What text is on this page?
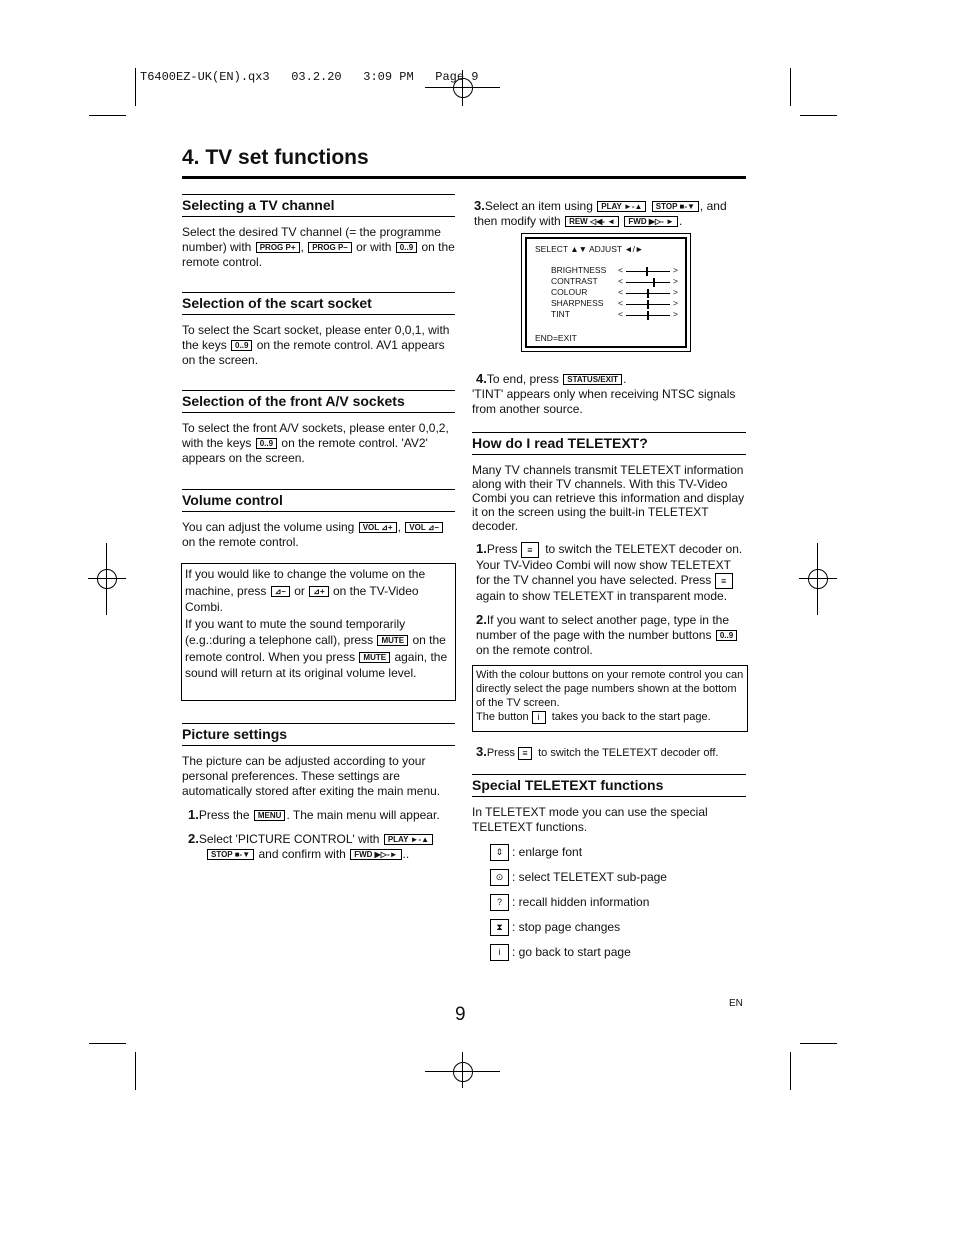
T6400EZ-UK(EN).qx3   03.2.20   3:09 PM   Page 9
4. TV set functions
Selecting a TV channel

Select the desired TV channel (= the programme number) with PROG P+ , PROG P– or with 0..9 on the remote control.

Selection of the scart socket

To select the Scart socket, please enter 0,0,1, with the keys 0..9 on the remote control. AV1 appears on the screen.

Selection of the front A/V sockets

To select the front A/V sockets, please enter 0,0,2, with the keys 0..9 on the remote control. 'AV2' appears on the screen.

Volume control

You can adjust the volume using VOL ⊿+ , VOL ⊿– on the remote control.

If you would like to change the volume on the machine, press ⊿– or ⊿+ on the TV-Video Combi.
If you want to mute the sound temporarily (e.g.:during a telephone call), press MUTE on the remote control. When you press MUTE again, the sound will return at its original volume level.
Picture settings

The picture can be adjusted according to your personal preferences. These settings are automatically stored after exiting the main menu.

1.Press the MENU . The main menu will appear.

2.Select 'PICTURE CONTROL' with PLAY ►-▲
STOP ■-▼ and confirm with FWD ▶▷-► ..

3.Select an item using PLAY ►-▲ STOP ■-▼ , and then modify with REW ◁◀- ◄ FWD ▶▷- ► .

SELECT ▲▼ ADJUST ◄/►
BRIGHTNESS <	>
CONTRAST <	>
COLOUR	<	>
SHARPNESS <	>
TINT	<	>
END=EXIT

4.To end, press STATUS/EXIT .

'TINT' appears only when receiving NTSC signals from another source.

How do I read TELETEXT?

Many TV channels transmit TELETEXT information along with their TV channels. With this TV-Video Combi you can retrieve this information and display it on the screen using the built-in TELETEXT decoder.

1.Press ≡ to switch the TELETEXT decoder on. Your TV-Video Combi will now show TELETEXT for the TV channel you have selected. Press ≡ again to show TELETEXT in transparent mode.

2.If you want to select another page, type in the number of the page with the number buttons 0..9 on the remote control.

With the colour buttons on your remote control you can directly select the page numbers shown at the bottom of the TV screen.
The button i takes you back to the start page.

3.Press ≡ to switch the TELETEXT decoder off.

Special TELETEXT functions

In TELETEXT mode you can use the special TELETEXT functions.

⇕ : enlarge font
⊙ : select TELETEXT sub-page
? : recall hidden information
⧗ : stop page changes
i : go back to start page
9
EN
